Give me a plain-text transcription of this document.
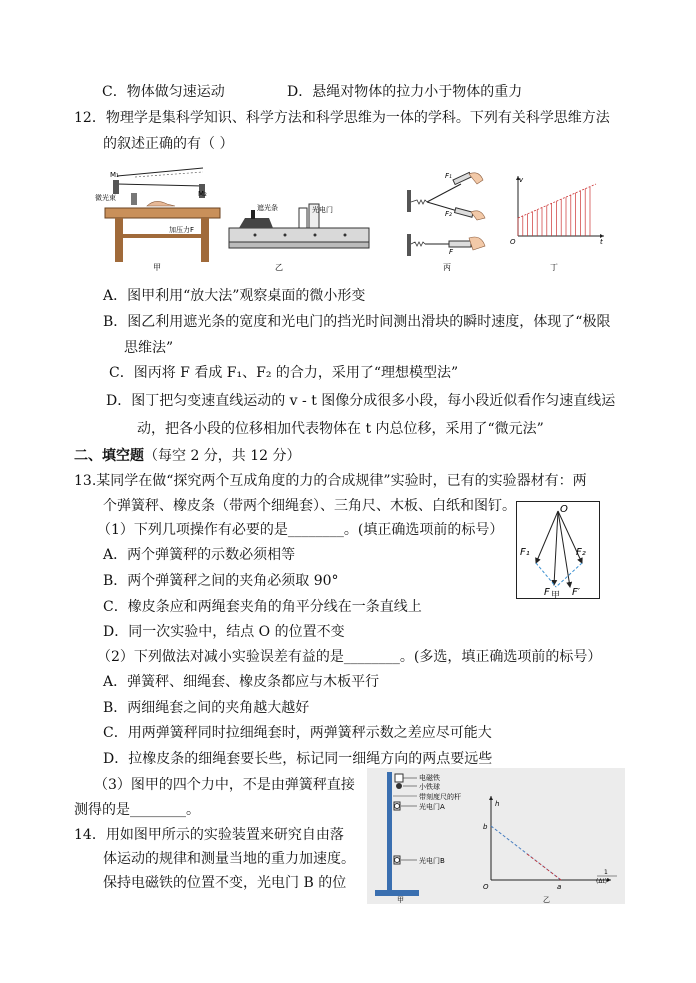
C．物体做匀速运动	D．悬绳对物体的拉力小于物体的重力
12．物理学是集科学知识、科学方法和科学思维为一体的学科。下列有关科学思维方法
的叙述正确的有（ ）
M₁
M₂
微光束
加压力F
甲
遮光条	光电门
乙
F₁
F₂
F
丙
v
t
O
丁
A．图甲利用“放大法”观察桌面的微小形变
B．图乙利用遮光条的宽度和光电门的挡光时间测出滑块的瞬时速度，体现了“极限
思维法”
C．图丙将 F 看成 F₁、F₂ 的合力，采用了“理想模型法”
D．图丁把匀变速直线运动的 v - t 图像分成很多小段，每小段近似看作匀速直线运
动，把各小段的位移相加代表物体在 t 内总位移，采用了“微元法”
二、填空题（每空 2 分，共 12 分）
13.某同学在做“探究两个互成角度的力的合成规律”实验时，已有的实验器材有：两
个弹簧秤、橡皮条（带两个细绳套）、三角尺、木板、白纸和图钉。
（1）下列几项操作有必要的是________。(填正确选项前的标号）
A．两个弹簧秤的示数必须相等
B．两个弹簧秤之间的夹角必须取 90°
C．橡皮条应和两绳套夹角的角平分线在一条直线上
D．同一次实验中，结点 O 的位置不变
O
F₁	F₂
F F′
甲
（2）下列做法对减小实验误差有益的是________。(多选，填正确选项前的标号）
A．弹簧秤、细绳套、橡皮条都应与木板平行
B．两细绳套之间的夹角越大越好
C．用两弹簧秤同时拉细绳套时，两弹簧秤示数之差应尽可能大
D．拉橡皮条的细绳套要长些，标记同一细绳方向的两点要远些
（3）图甲的四个力中，不是由弹簧秤直接
测得的是________。
14．用如图甲所示的实验装置来研究自由落
体运动的规律和测量当地的重力加速度。
保持电磁铁的位置不变，光电门 B 的位
电磁铁
小铁球
带刻度尺的杆
光电门A
光电门B
甲
h
b
a
O
1
(Δt)²
乙
